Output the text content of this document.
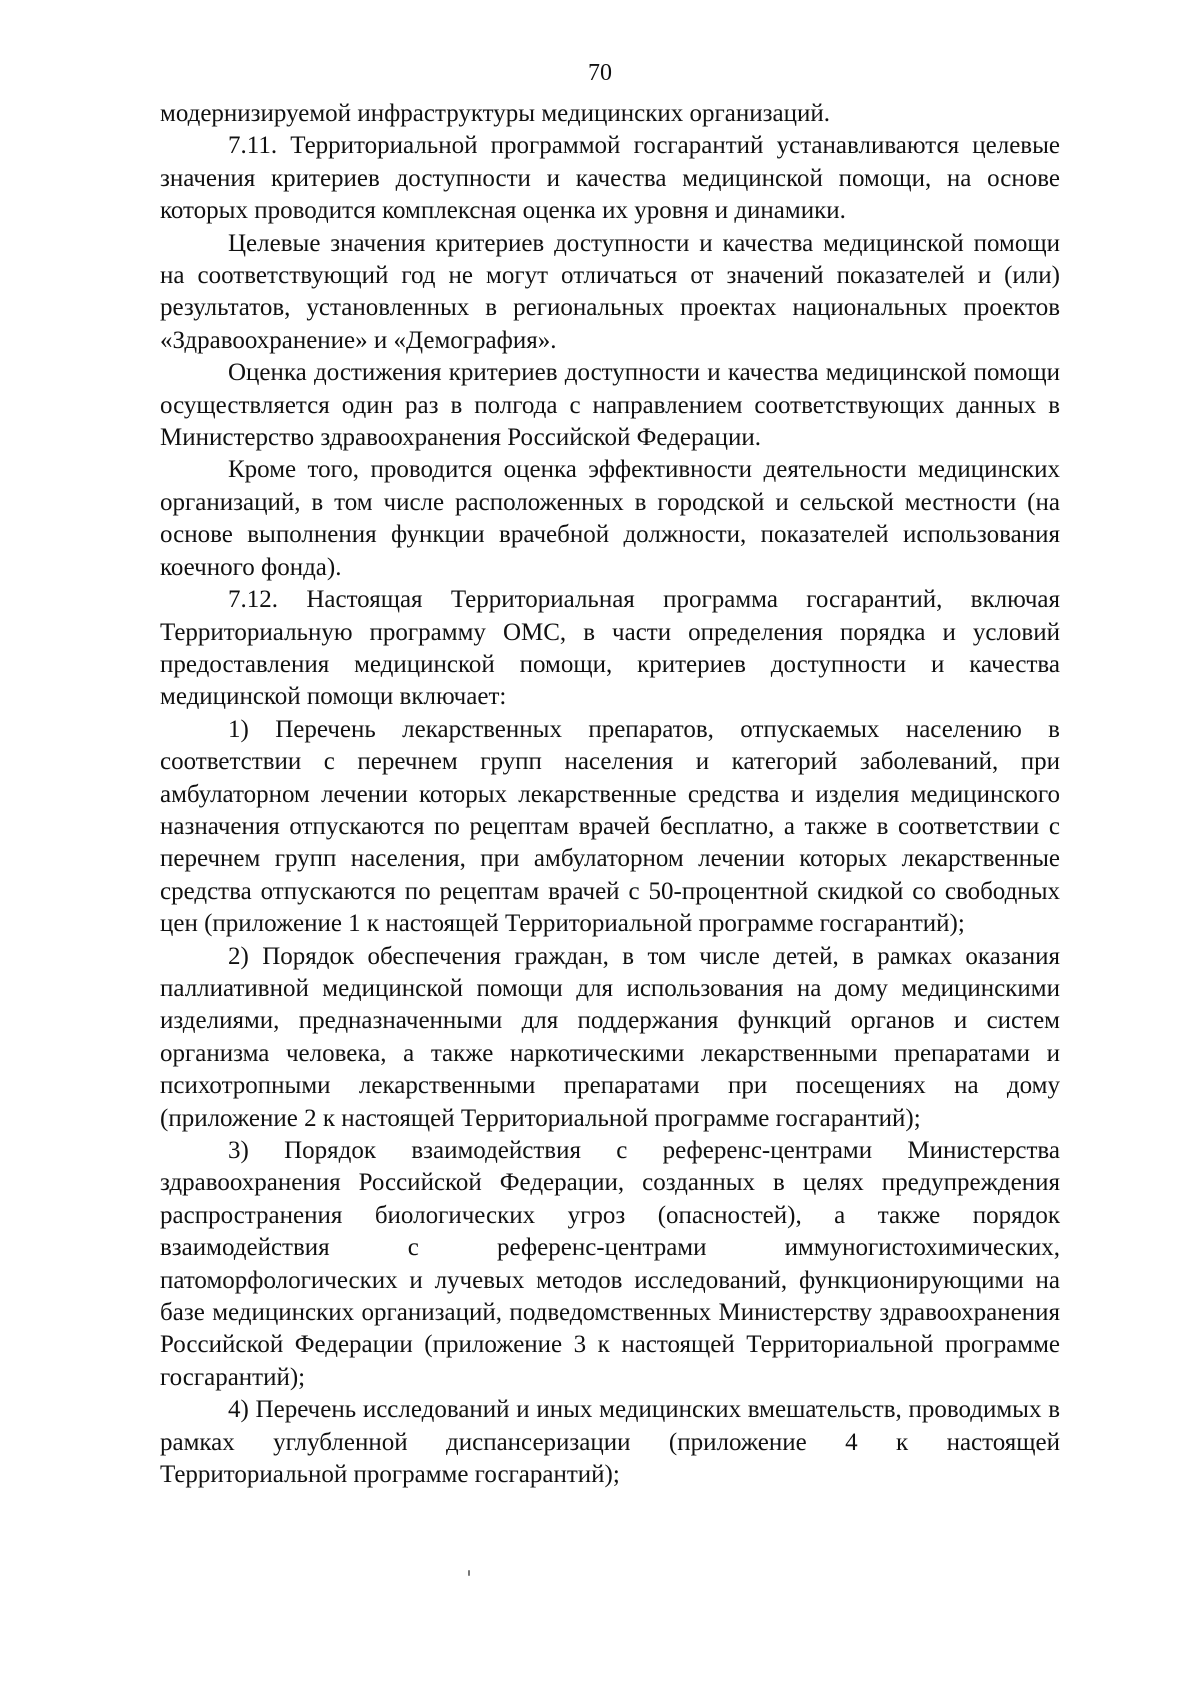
70

модернизируемой инфраструктуры медицинских организаций.

7.11. Территориальной программой госгарантий устанавливаются целевые значения критериев доступности и качества медицинской помощи, на основе которых проводится комплексная оценка их уровня и динамики.

Целевые значения критериев доступности и качества медицинской помощи на соответствующий год не могут отличаться от значений показателей и (или) результатов, установленных в региональных проектах национальных проектов «Здравоохранение» и «Демография».

Оценка достижения критериев доступности и качества медицинской помощи осуществляется один раз в полгода с направлением соответствующих данных в Министерство здравоохранения Российской Федерации.

Кроме того, проводится оценка эффективности деятельности медицинских организаций, в том числе расположенных в городской и сельской местности (на основе выполнения функции врачебной должности, показателей использования коечного фонда).

7.12. Настоящая Территориальная программа госгарантий, включая Территориальную программу ОМС, в части определения порядка и условий предоставления медицинской помощи, критериев доступности и качества медицинской помощи включает:

1) Перечень лекарственных препаратов, отпускаемых населению в соответствии с перечнем групп населения и категорий заболеваний, при амбулаторном лечении которых лекарственные средства и изделия медицинского назначения отпускаются по рецептам врачей бесплатно, а также в соответствии с перечнем групп населения, при амбулаторном лечении которых лекарственные средства отпускаются по рецептам врачей с 50-процентной скидкой со свободных цен (приложение 1 к настоящей Территориальной программе госгарантий);

2) Порядок обеспечения граждан, в том числе детей, в рамках оказания паллиативной медицинской помощи для использования на дому медицинскими изделиями, предназначенными для поддержания функций органов и систем организма человека, а также наркотическими лекарственными препаратами и психотропными лекарственными препаратами при посещениях на дому (приложение 2 к настоящей Территориальной программе госгарантий);

3) Порядок взаимодействия с референс-центрами Министерства здравоохранения Российской Федерации, созданных в целях предупреждения распространения биологических угроз (опасностей), а также порядок взаимодействия с референс-центрами иммуногистохимических, патоморфологических и лучевых методов исследований, функционирующими на базе медицинских организаций, подведомственных Министерству здравоохранения Российской Федерации (приложение 3 к настоящей Территориальной программе госгарантий);

4) Перечень исследований и иных медицинских вмешательств, проводимых в рамках углубленной диспансеризации (приложение 4 к настоящей Территориальной программе госгарантий);
